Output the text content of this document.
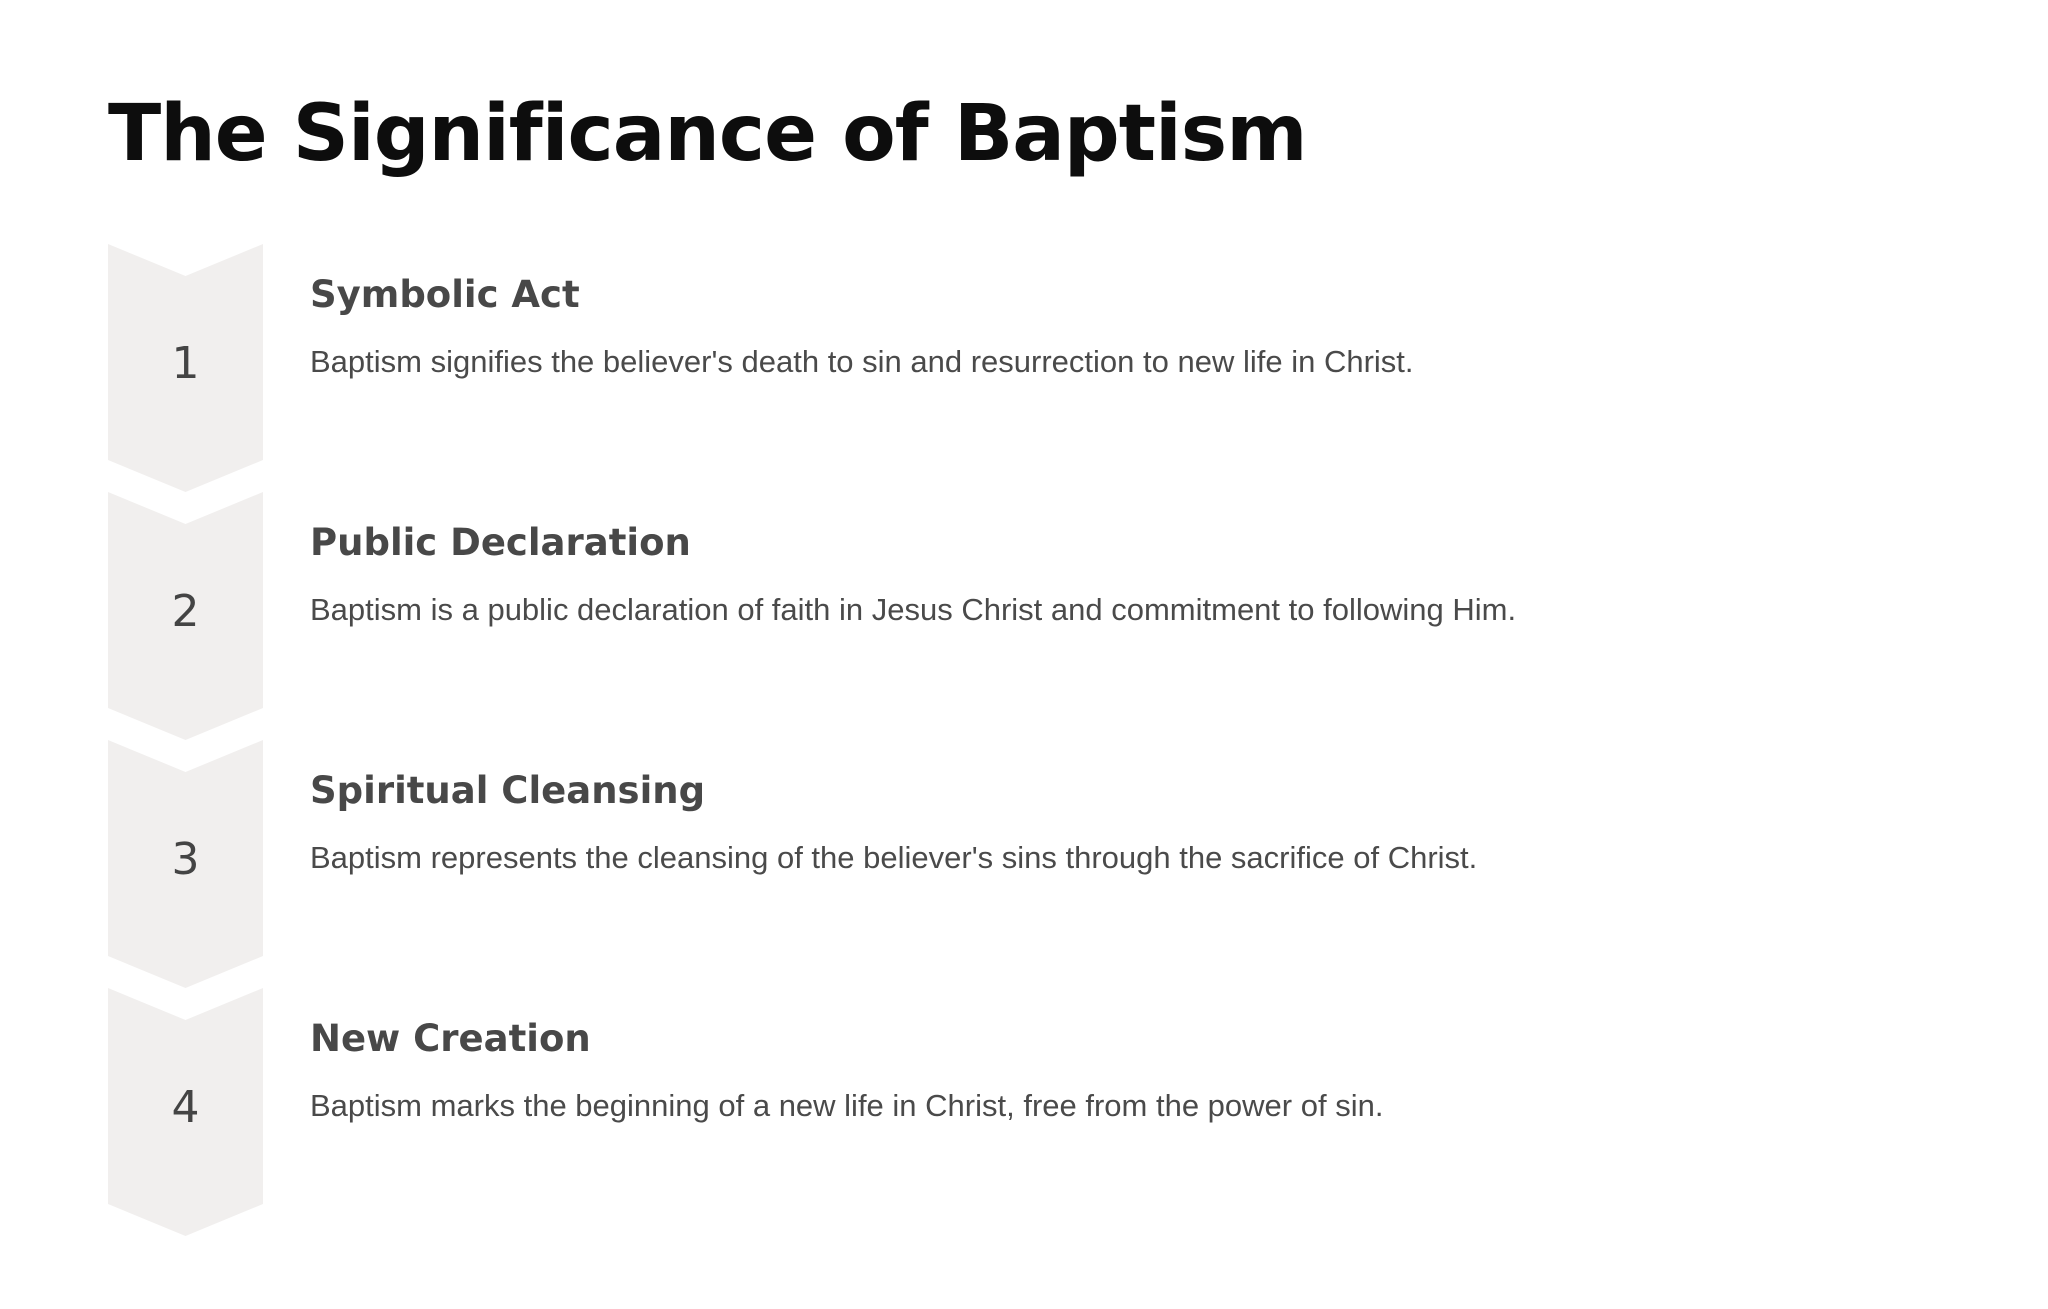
The Significance of Baptism
1
Symbolic Act
Baptism signifies the believer's death to sin and resurrection to new life in Christ.
2
Public Declaration
Baptism is a public declaration of faith in Jesus Christ and commitment to following Him.
3
Spiritual Cleansing
Baptism represents the cleansing of the believer's sins through the sacrifice of Christ.
4
New Creation
Baptism marks the beginning of a new life in Christ, free from the power of sin.
